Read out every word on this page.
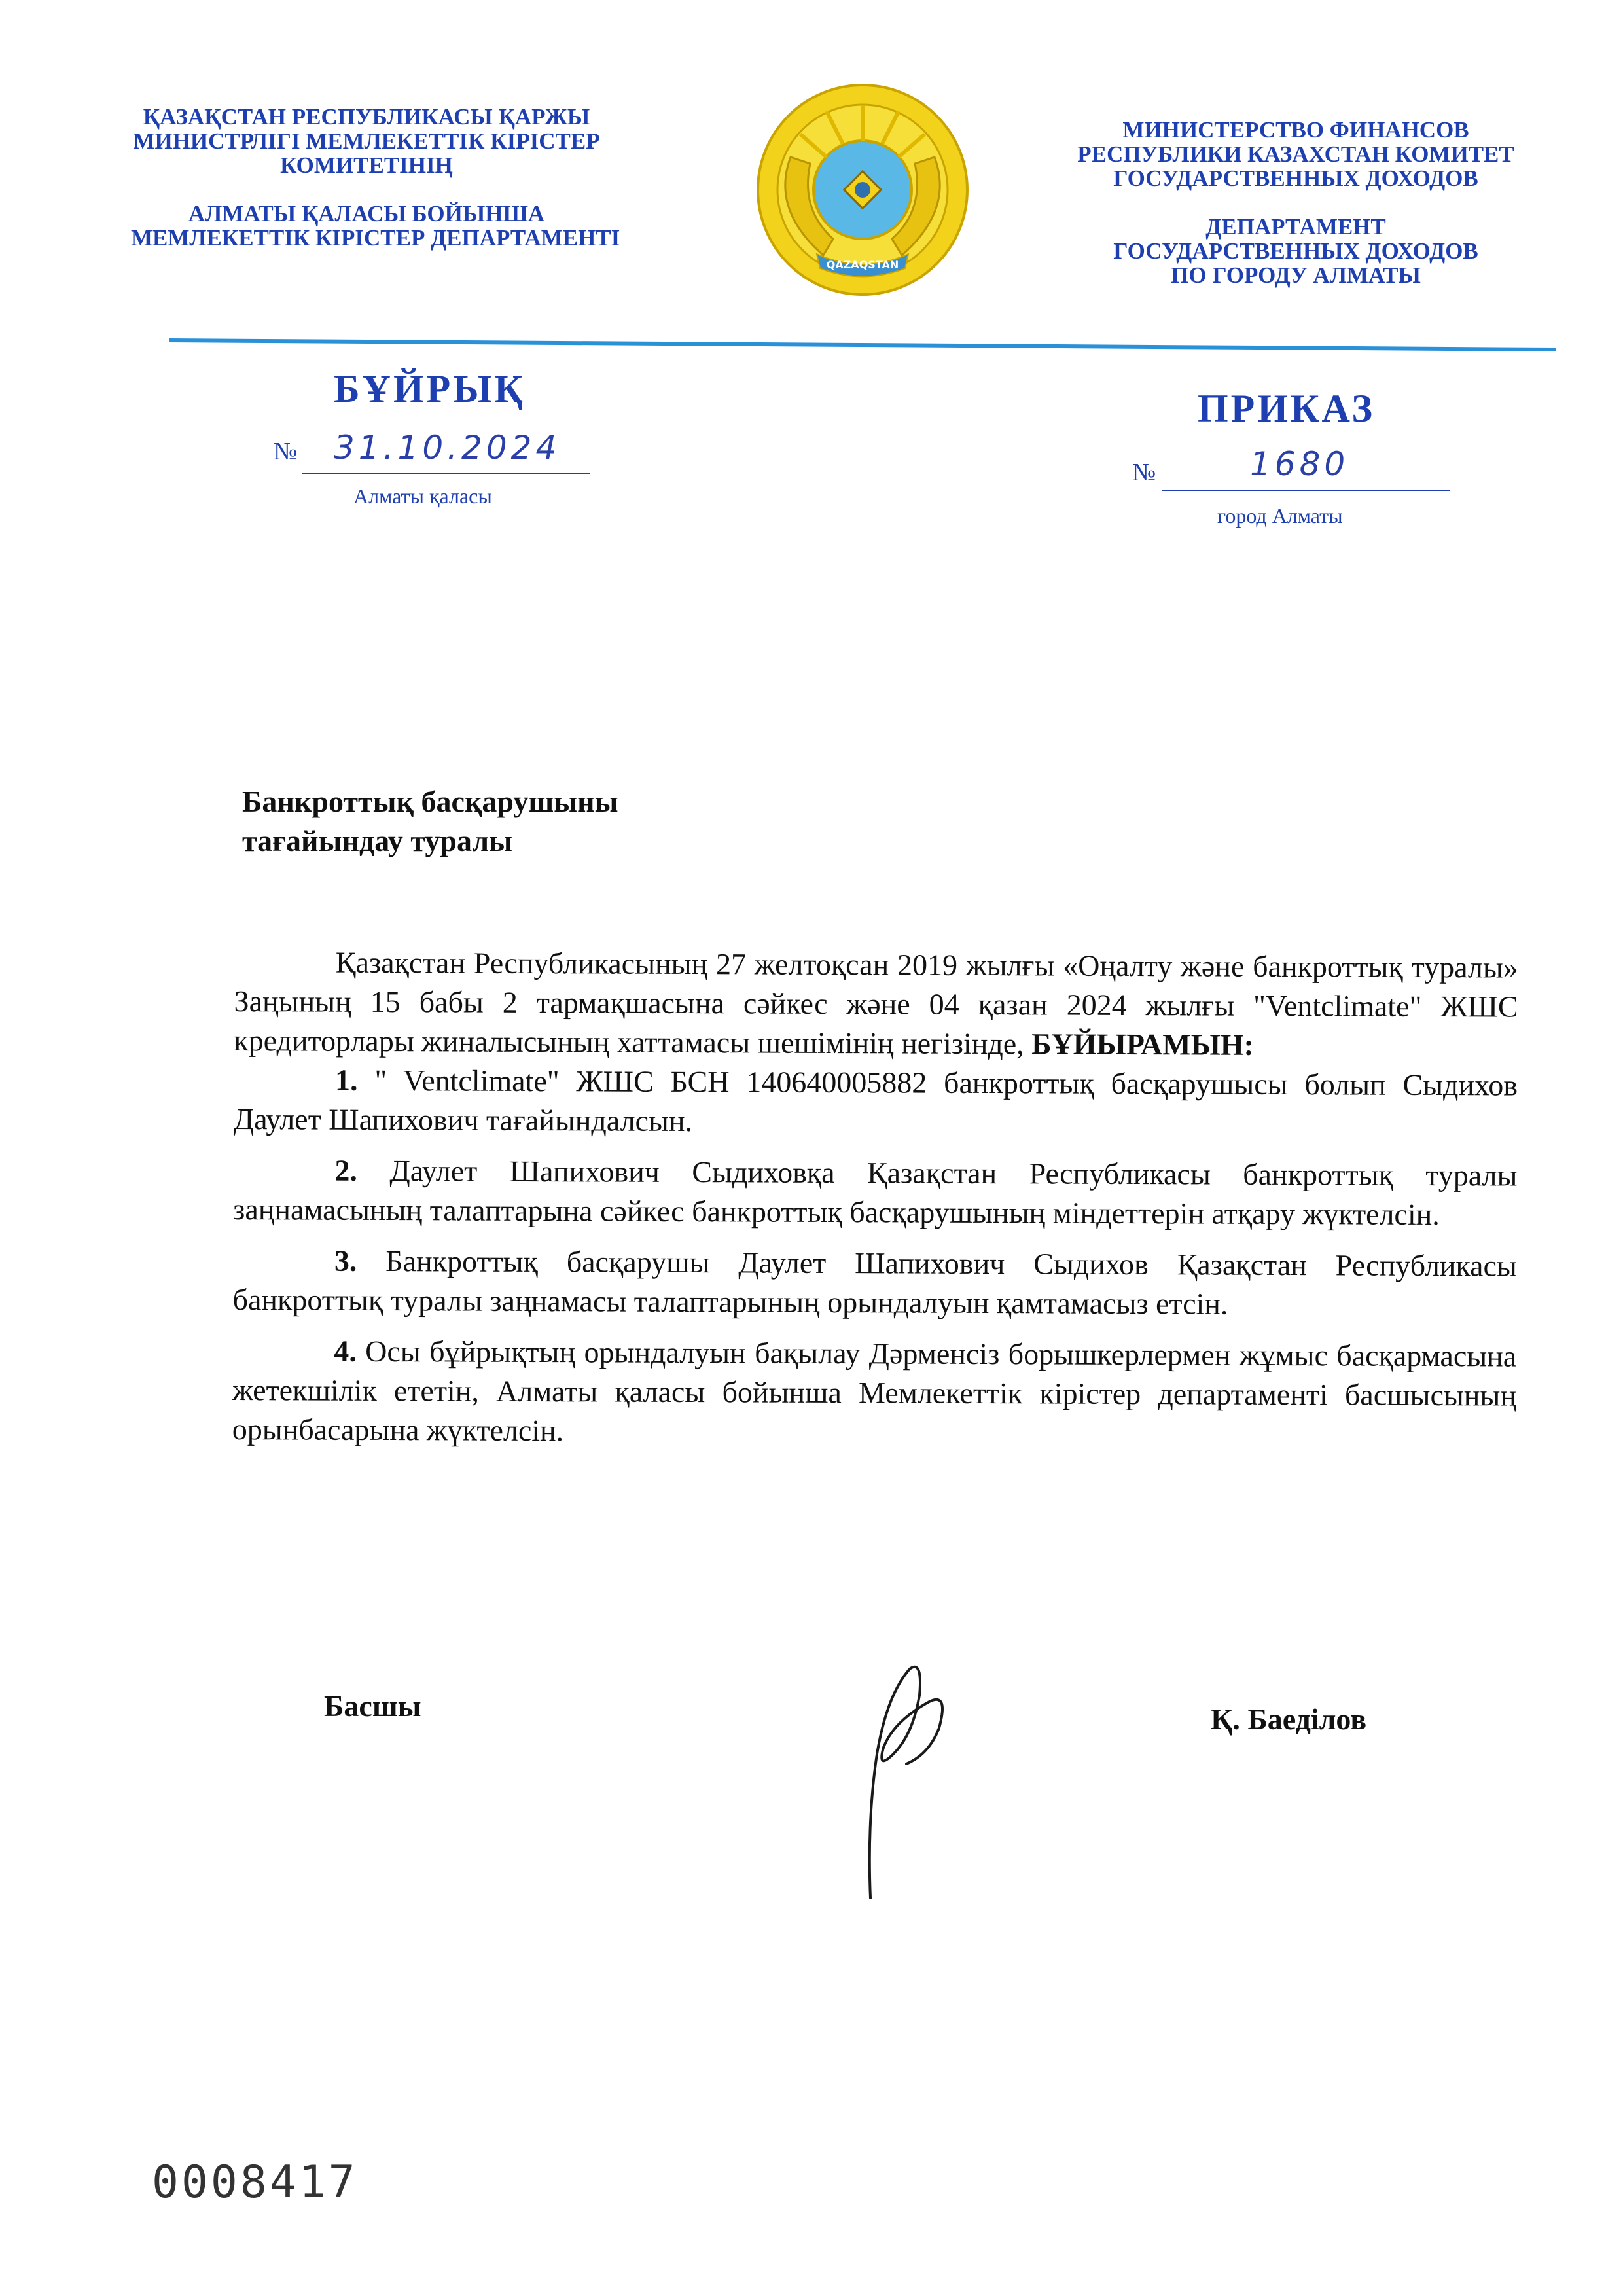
ҚАЗАҚСТАН РЕСПУБЛИКАСЫ ҚАРЖЫ
МИНИСТРЛІГІ МЕМЛЕКЕТТІК КІРІСТЕР
КОМИТЕТІНІҢ
АЛМАТЫ ҚАЛАСЫ БОЙЫНША
МЕМЛЕКЕТТІК КІРІСТЕР ДЕПАРТАМЕНТІ
QAZAQSTAN
МИНИСТЕРСТВО ФИНАНСОВ
РЕСПУБЛИКИ КАЗАХСТАН КОМИТЕТ
ГОСУДАРСТВЕННЫХ ДОХОДОВ
ДЕПАРТАМЕНТ
ГОСУДАРСТВЕННЫХ ДОХОДОВ
ПО ГОРОДУ АЛМАТЫ
БҰЙРЫҚ
№ 31.10.2024
Алматы қаласы
ПРИКАЗ
№	1680
город Алматы
Банкроттық басқарушыны
тағайындау туралы

Қазақстан Республикасының 27 желтоқсан 2019 жылғы «Оңалту және банкроттық туралы» Заңының 15 бабы 2 тармақшасына сәйкес және 04 қазан 2024 жылғы "Ventclimate" ЖШС кредиторлары жиналысының хаттамасы шешімінің негізінде, БҰЙЫРАМЫН:

1. " Ventclimate" ЖШС БСН 140640005882 банкроттық басқарушысы болып Сыдихов Даулет Шапихович тағайындалсын.

2. Даулет Шапихович Сыдиховқа Қазақстан Республикасы банкроттық туралы заңнамасының талаптарына сәйкес банкроттық басқарушының міндеттерін атқару жүктелсін.

3. Банкроттық басқарушы Даулет Шапихович Сыдихов Қазақстан Республикасы банкроттық туралы заңнамасы талаптарының орындалуын қамтамасыз етсін.

4. Осы бұйрықтың орындалуын бақылау Дәрменсіз борышкерлермен жұмыс басқармасына жетекшілік ететін, Алматы қаласы бойынша Мемлекеттік кірістер департаменті басшысының орынбасарына жүктелсін.

Басшы	Қ. Баеділов
0008417
